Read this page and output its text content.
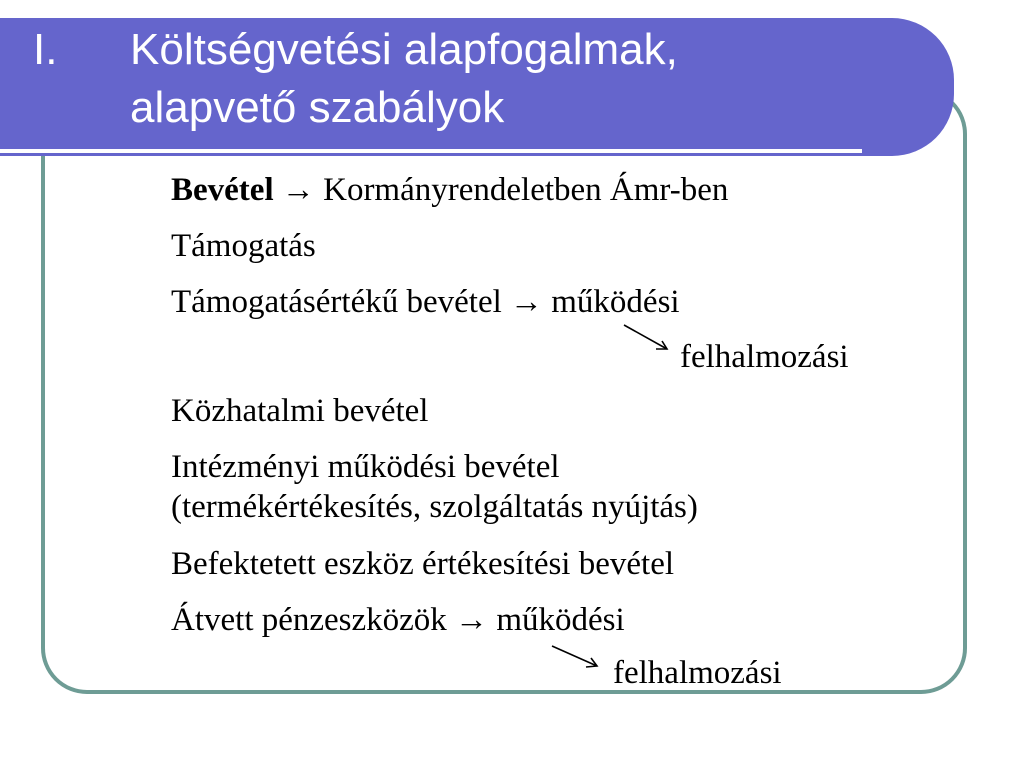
I. Költségvetési alapfogalmak,
alapvető szabályok
Bevétel → Kormányrendeletben Ámr-ben
Támogatás
Támogatásértékű bevétel → működési
felhalmozási
Közhatalmi bevétel
Intézményi működési bevétel
(termékértékesítés, szolgáltatás nyújtás)
Befektetett eszköz értékesítési bevétel
Átvett pénzeszközök → működési
felhalmozási
